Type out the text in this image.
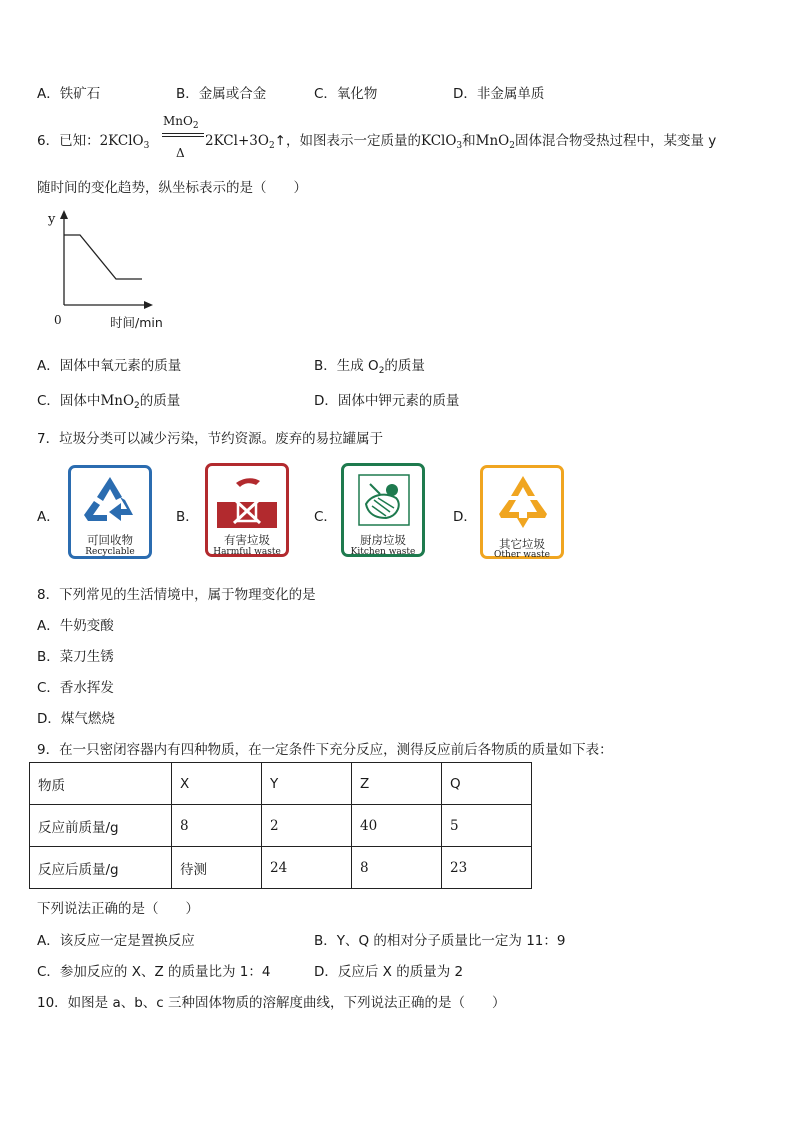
A．铁矿石	B．金属或合金	C．氧化物	D．非金属单质
6．已知：2KClO$_3$
MnO$_2$
Δ
$2KCl+3O_2↑$，如图表示一定质量的KClO$_3$和MnO$_2$固体混合物受热过程中，某变量 y
随时间的变化趋势，纵坐标表示的是（　　）
y
0	时间/min
A．固体中氧元素的质量	B．生成 $O_2$的质量
C．固体中MnO$_2$的质量	D．固体中钾元素的质量
7．垃圾分类可以减少污染，节约资源。废弃的易拉罐属于
A．	B．	C．	D．
可回收物
Recyclable
有害垃圾
Harmful waste
厨房垃圾
Kitchen waste
其它垃圾
Other waste
8．下列常见的生活情境中，属于物理变化的是
A．牛奶变酸
B．菜刀生锈
C．香水挥发
D．煤气燃烧
9．在一只密闭容器内有四种物质，在一定条件下充分反应，测得反应前后各物质的质量如下表：
物质	X	Y	Z	Q
反应前质量/g	8	2	40	5
反应后质量/g	待测	24	8	23
下列说法正确的是（　　）
A．该反应一定是置换反应	B．Y、Q 的相对分子质量比一定为 11：9
C．参加反应的 X、Z 的质量比为 1：4	D．反应后 X 的质量为 2
10．如图是 a、b、c 三种固体物质的溶解度曲线，下列说法正确的是（　　）
